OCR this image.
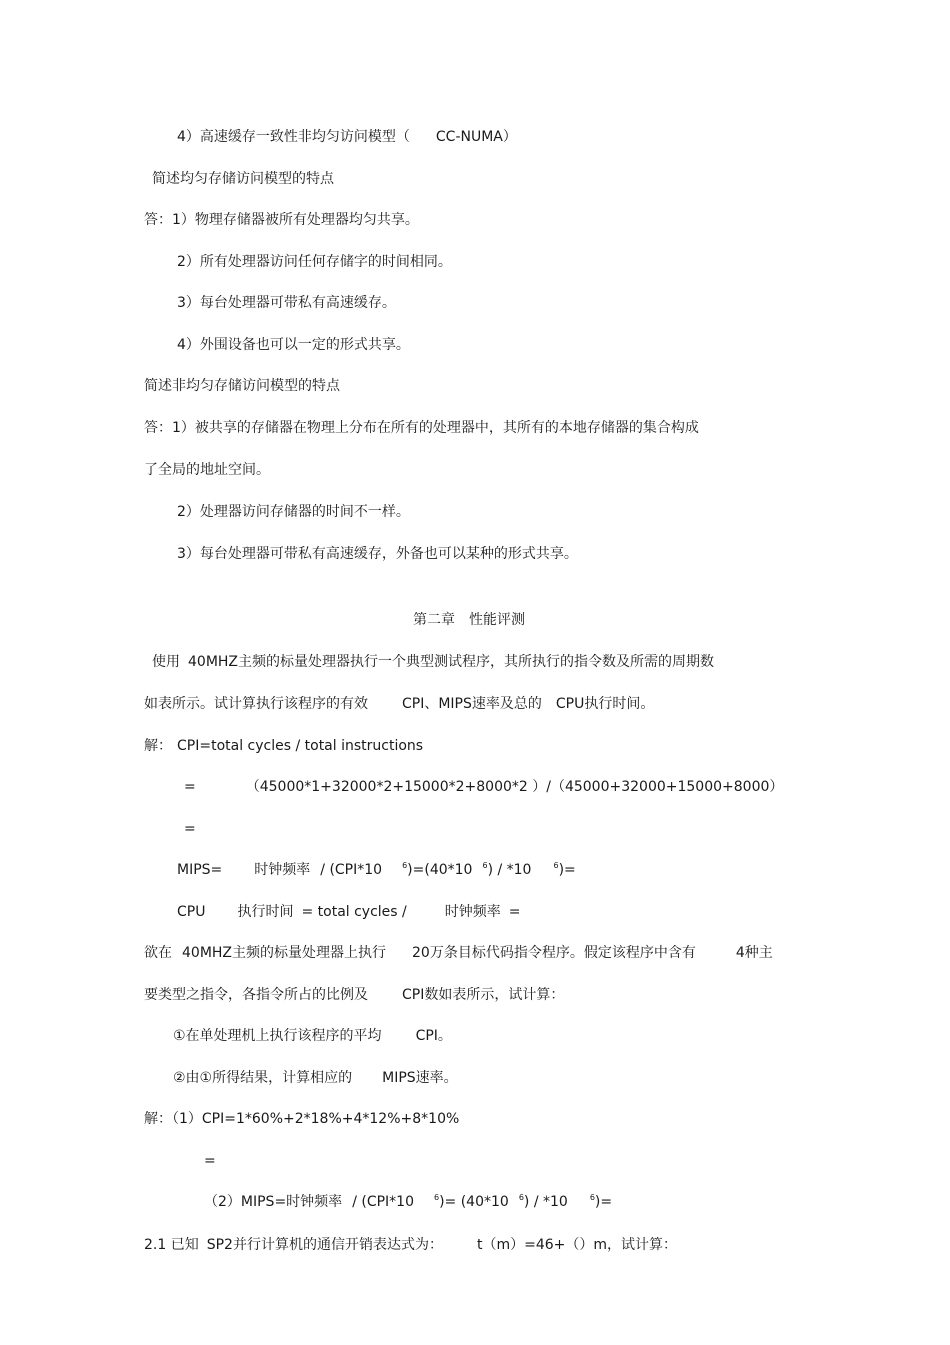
4）高速缓存一致性非均匀访问模型（ CC-NUMA）
简述均匀存储访问模型的特点
答：1）物理存储器被所有处理器均匀共享。
2）所有处理器访问任何存储字的时间相同。
3）每台处理器可带私有高速缓存。
4）外围设备也可以一定的形式共享。
简述非均匀存储访问模型的特点
答：1）被共享的存储器在物理上分布在所有的处理器中，其所有的本地存储器的集合构成
了全局的地址空间。
2）处理器访问存储器的时间不一样。
3）每台处理器可带私有高速缓存，外备也可以某种的形式共享。
第二章　性能评测
使用 40MHZ主频的标量处理器执行一个典型测试程序，其所执行的指令数及所需的周期数
如表所示。试计算执行该程序的有效 CPI、MIPS速率及总的 CPU执行时间。
解： CPI=total cycles / total instructions
=	（45000*1+32000*2+15000*2+8000*2 ）/（45000+32000+15000+8000）
=
MIPS= 时钟频率 / (CPI*10	$^6$)=(40*10 $^6$) / *10	$^6$)=
CPU 执行时间 = total cycles /	时钟频率 =
欲在 40MHZ主频的标量处理器上执行 20万条目标代码指令程序。假定该程序中含有	4种主
要类型之指令，各指令所占的比例及 CPI数如表所示，试计算：
①在单处理机上执行该程序的平均 CPI。
②由①所得结果，计算相应的 MIPS速率。
解：（1）CPI=1*60%+2*18%+4*12%+8*10%
=
（2）MIPS=时钟频率 / (CPI*10	$^6$)= (40*10 $^6$) / *10	$^6$)=
2.1 已知 SP2并行计算机的通信开销表达式为： t（m）=46+（）m，试计算：
